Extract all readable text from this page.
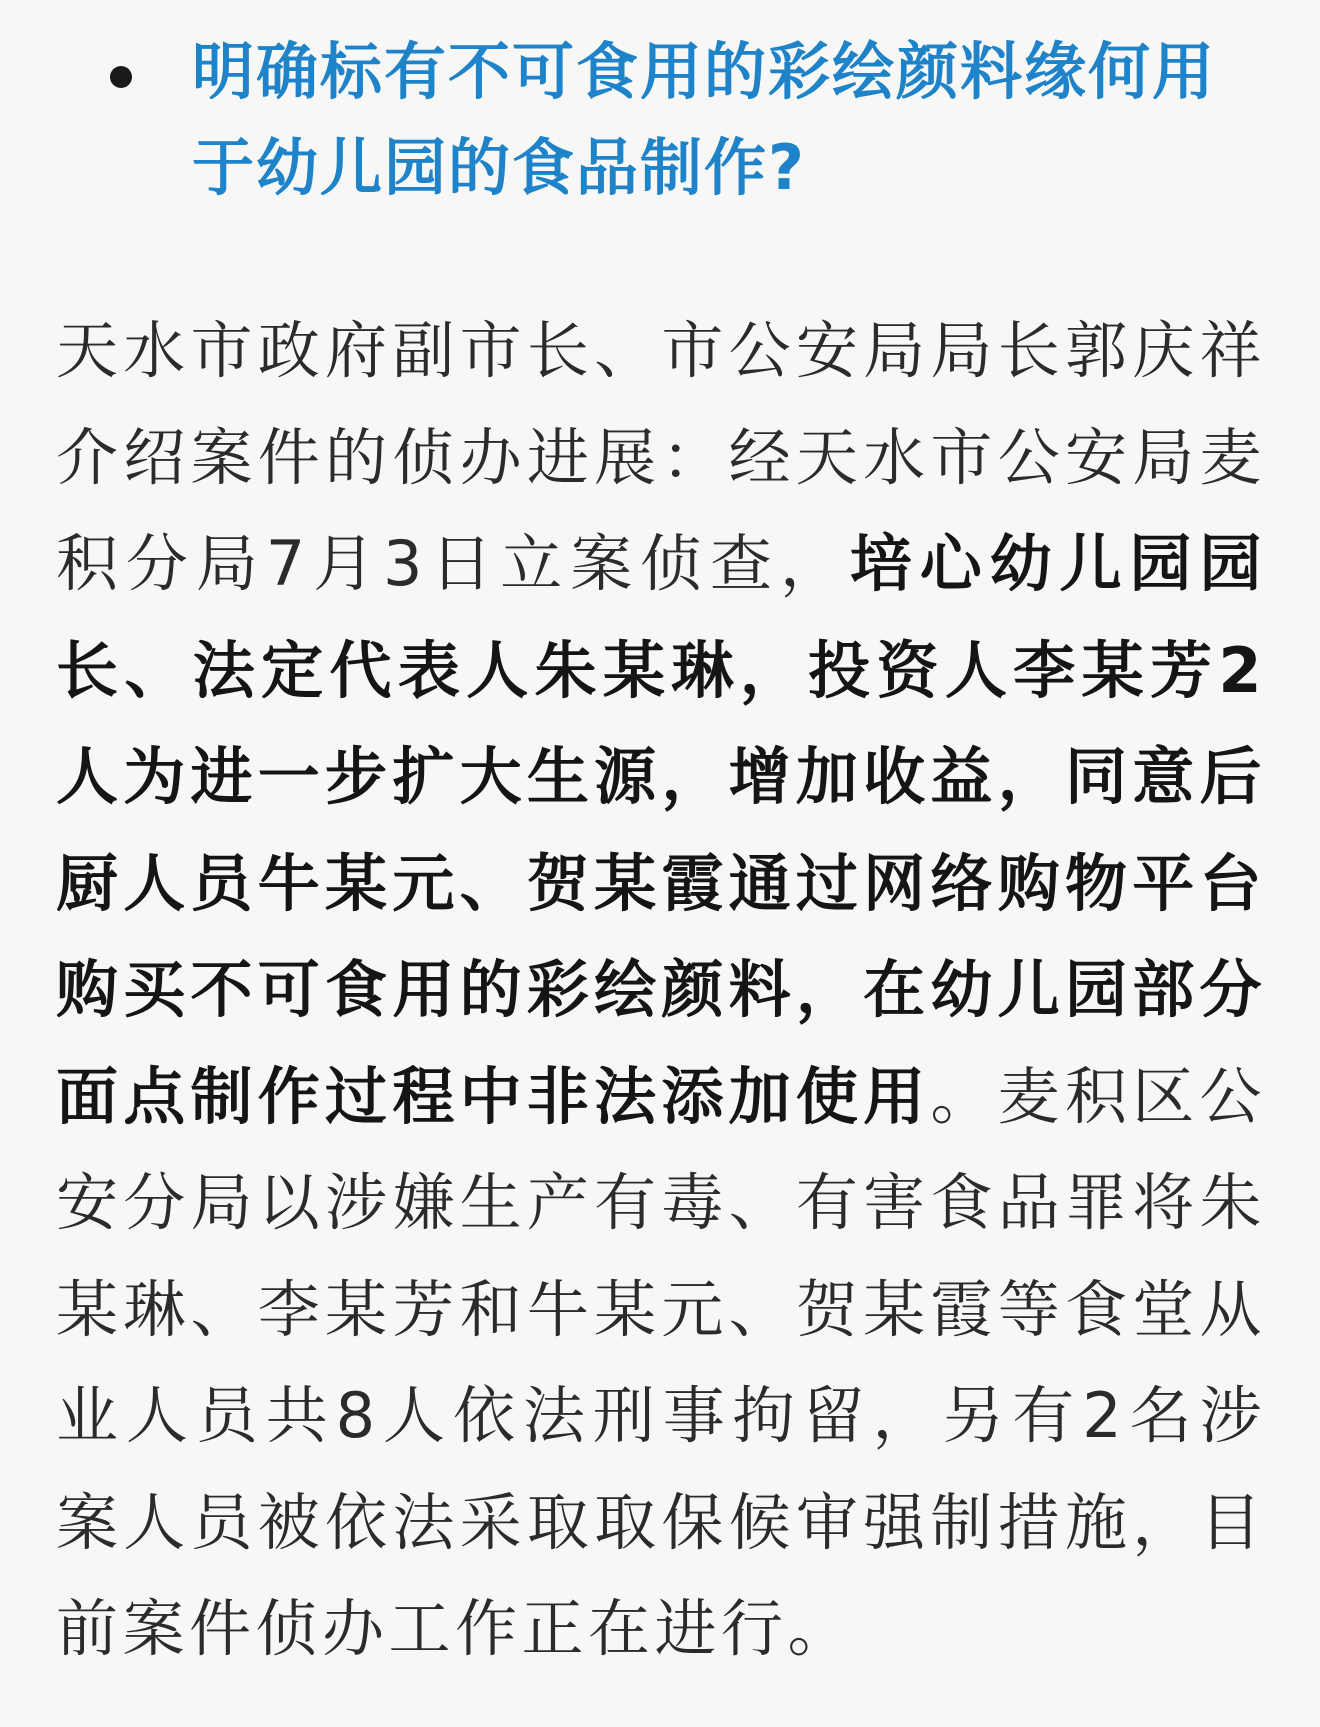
明确标有不可食用的彩绘颜料缘何用于幼儿园的食品制作?

天水市政府副市长、市公安局局长郭庆祥介绍案件的侦办进展：经天水市公安局麦积分局7月3日立案侦查，培心幼儿园园长、法定代表人朱某琳，投资人李某芳2人为进一步扩大生源，增加收益，同意后厨人员牛某元、贺某霞通过网络购物平台购买不可食用的彩绘颜料，在幼儿园部分面点制作过程中非法添加使用。麦积区公安分局以涉嫌生产有毒、有害食品罪将朱某琳、李某芳和牛某元、贺某霞等食堂从业人员共8人依法刑事拘留，另有2名涉案人员被依法采取取保候审强制措施，目前案件侦办工作正在进行。
